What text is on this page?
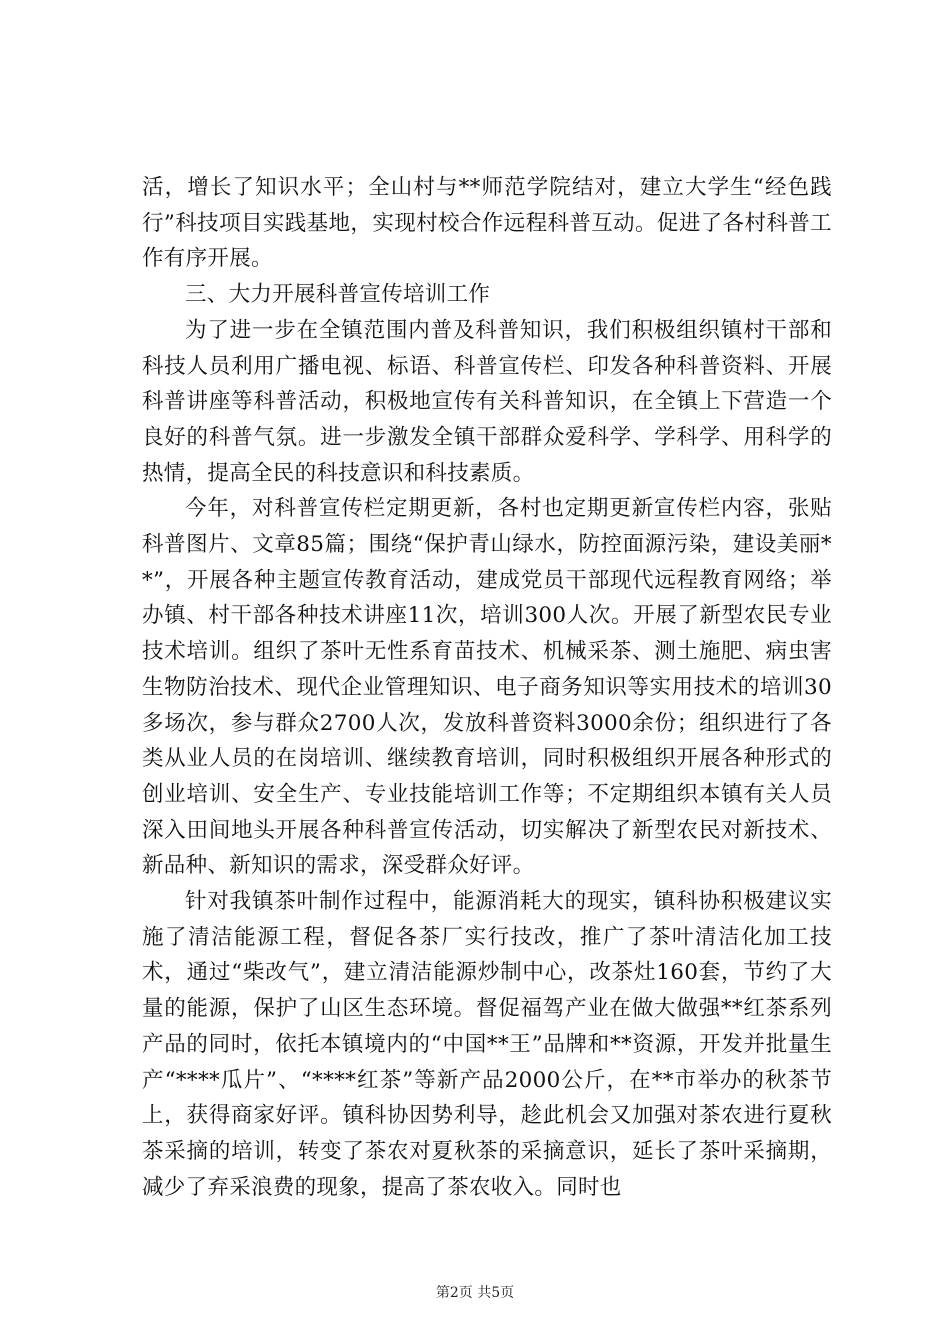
活，增长了知识水平；全山村与**师范学院结对，建立大学生“经色践行”科技项目实践基地，实现村校合作远程科普互动。促进了各村科普工作有序开展。

三、大力开展科普宣传培训工作

为了进一步在全镇范围内普及科普知识，我们积极组织镇村干部和科技人员利用广播电视、标语、科普宣传栏、印发各种科普资料、开展科普讲座等科普活动，积极地宣传有关科普知识，在全镇上下营造一个良好的科普气氛。进一步激发全镇干部群众爱科学、学科学、用科学的热情，提高全民的科技意识和科技素质。

今年，对科普宣传栏定期更新，各村也定期更新宣传栏内容，张贴科普图片、文章85篇；围绕“保护青山绿水，防控面源污染，建设美丽**”，开展各种主题宣传教育活动，建成党员干部现代远程教育网络；举办镇、村干部各种技术讲座11次，培训300人次。开展了新型农民专业技术培训。组织了茶叶无性系育苗技术、机械采茶、测土施肥、病虫害生物防治技术、现代企业管理知识、电子商务知识等实用技术的培训30多场次，参与群众2700人次，发放科普资料3000余份；组织进行了各类从业人员的在岗培训、继续教育培训，同时积极组织开展各种形式的创业培训、安全生产、专业技能培训工作等；不定期组织本镇有关人员深入田间地头开展各种科普宣传活动，切实解决了新型农民对新技术、新品种、新知识的需求，深受群众好评。

针对我镇茶叶制作过程中，能源消耗大的现实，镇科协积极建议实施了清洁能源工程，督促各茶厂实行技改，推广了茶叶清洁化加工技术，通过“柴改气”，建立清洁能源炒制中心，改茶灶160套，节约了大量的能源，保护了山区生态环境。督促福驾产业在做大做强**红茶系列产品的同时，依托本镇境内的“中国**王”品牌和**资源，开发并批量生产“****瓜片”、“****红茶”等新产品2000公斤，在**市举办的秋茶节上，获得商家好评。镇科协因势利导，趁此机会又加强对茶农进行夏秋茶采摘的培训，转变了茶农对夏秋茶的采摘意识，延长了茶叶采摘期，减少了弃采浪费的现象，提高了茶农收入。同时也

第2页 共5页
